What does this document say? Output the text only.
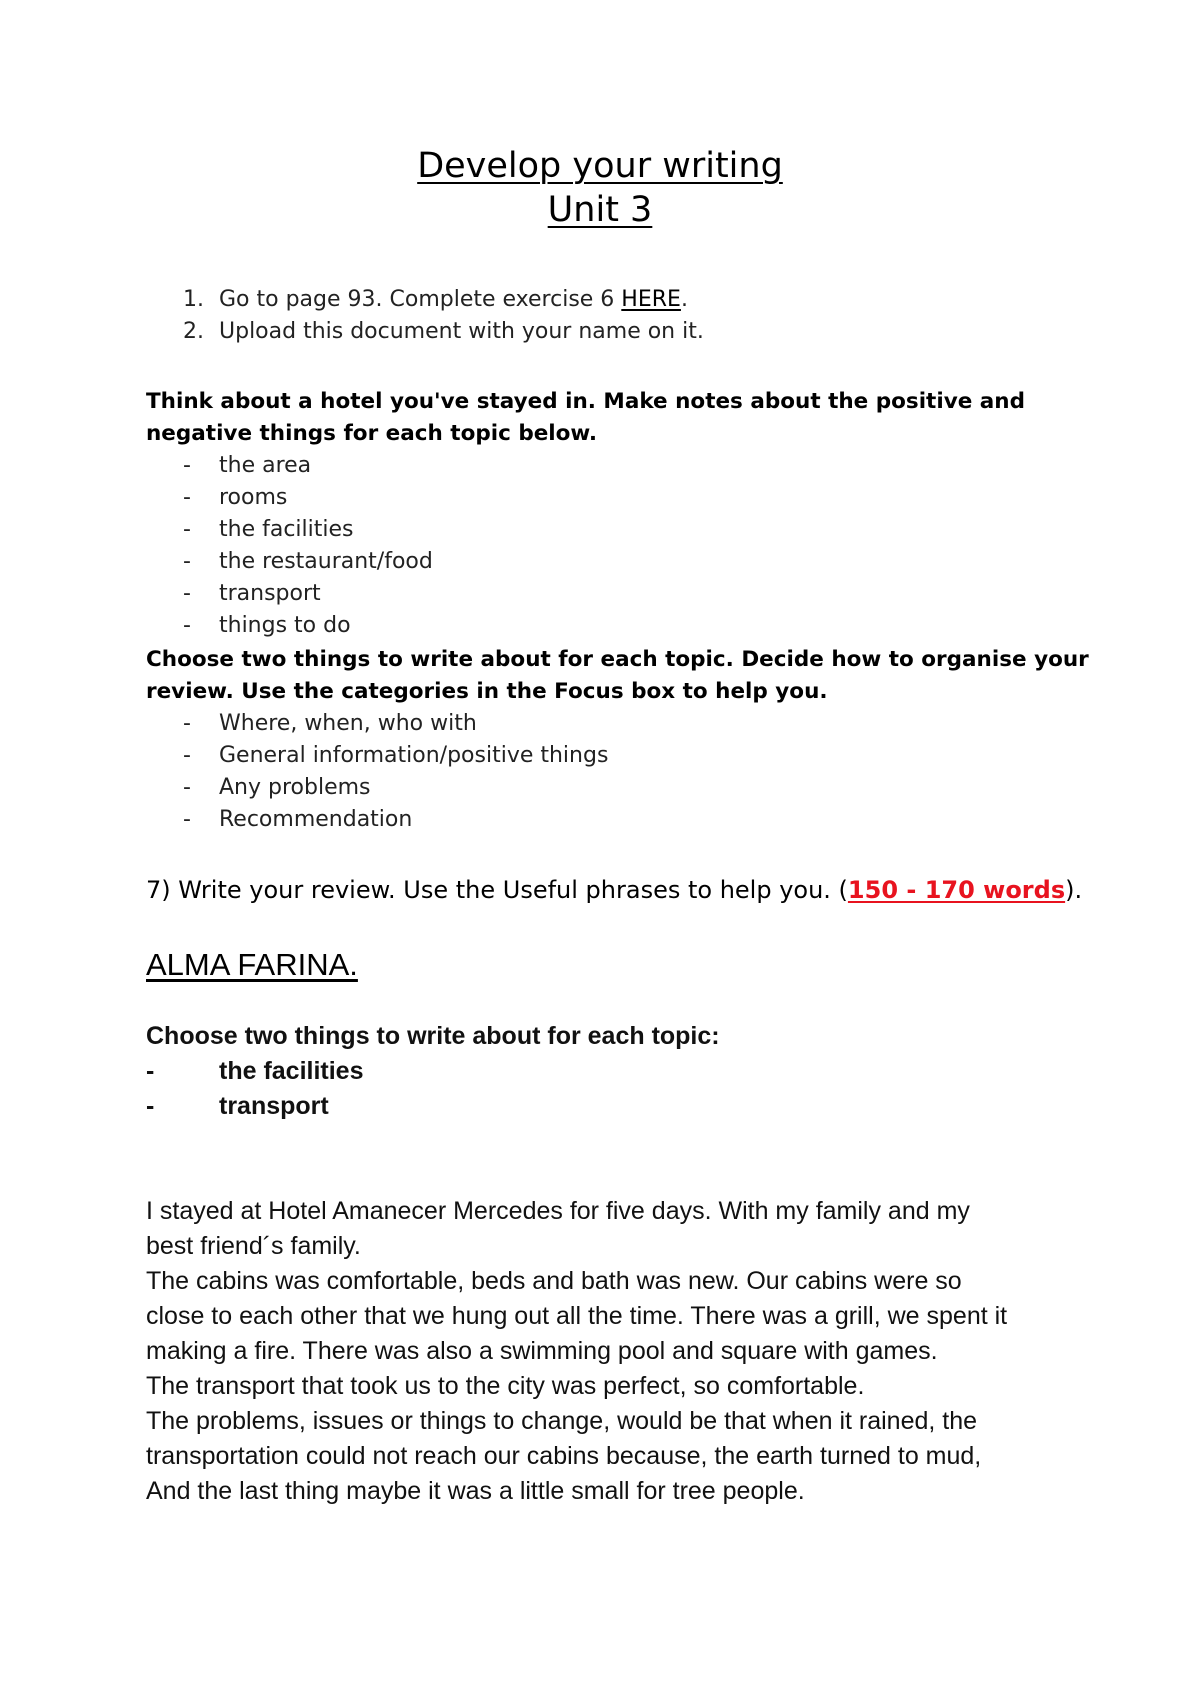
Develop your writing
Unit 3
1. Go to page 93. Complete exercise 6 HERE.
2. Upload this document with your name on it.
Think about a hotel you've stayed in. Make notes about the positive and
negative things for each topic below.
- the area
- rooms
- the facilities
- the restaurant/food
- transport
- things to do
Choose two things to write about for each topic. Decide how to organise your
review. Use the categories in the Focus box to help you.
- Where, when, who with
- General information/positive things
- Any problems
- Recommendation
7) Write your review. Use the Useful phrases to help you. (150 - 170 words).
ALMA FARINA.
Choose two things to write about for each topic:
-	the facilities
-	transport
I stayed at Hotel Amanecer Mercedes for five days. With my family and my
best friend´s family.
The cabins was comfortable, beds and bath was new. Our cabins were so
close to each other that we hung out all the time. There was a grill, we spent it
making a fire. There was also a swimming pool and square with games.
The transport that took us to the city was perfect, so comfortable.
The problems, issues or things to change, would be that when it rained, the
transportation could not reach our cabins because, the earth turned to mud,
And the last thing maybe it was a little small for tree people.
